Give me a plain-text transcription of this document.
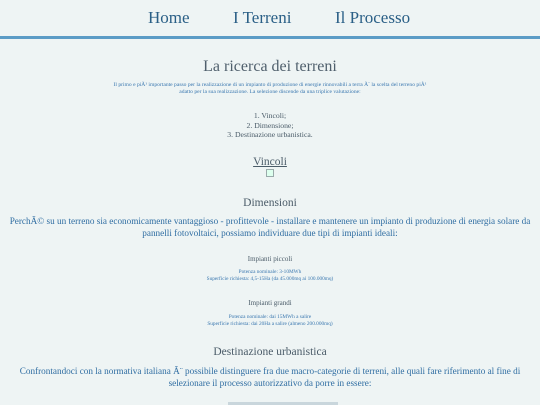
Home	I Terreni	Il Processo
La ricerca dei terreni
Il primo e piÃ¹ importante passo per la realizzazione di un impianto di produzione di energie rinnovabili a terra Ã¨ la scelta del terreno piÃ¹ adatto per la sua realizzazione. La selezione discende da una triplice valutazione:
1. Vincoli;
2. Dimensione;
3. Destinazione urbanistica.
Vincoli
Dimensioni
PerchÃ© su un terreno sia economicamente vantaggioso - profittevole - installare e mantenere un impianto di produzione di energia solare da pannelli fotovoltaici, possiamo individuare due tipi di impianti ideali:
Impianti piccoli
Potenza nominale: 3-10MWh
Superficie richiesta: 4,5-15Ha (da 45.000mq ai 100.000mq)
Impianti grandi
Potenza nominale: dai 15MWh a salire
Superficie richiesta: dai 20Ha a salire (almeno 200.000mq)
Destinazione urbanistica
Confrontandoci con la normativa italiana Ã¨ possibile distinguere fra due macro-categorie di terreni, alle quali fare riferimento al fine di selezionare il processo autorizzativo da porre in essere:
